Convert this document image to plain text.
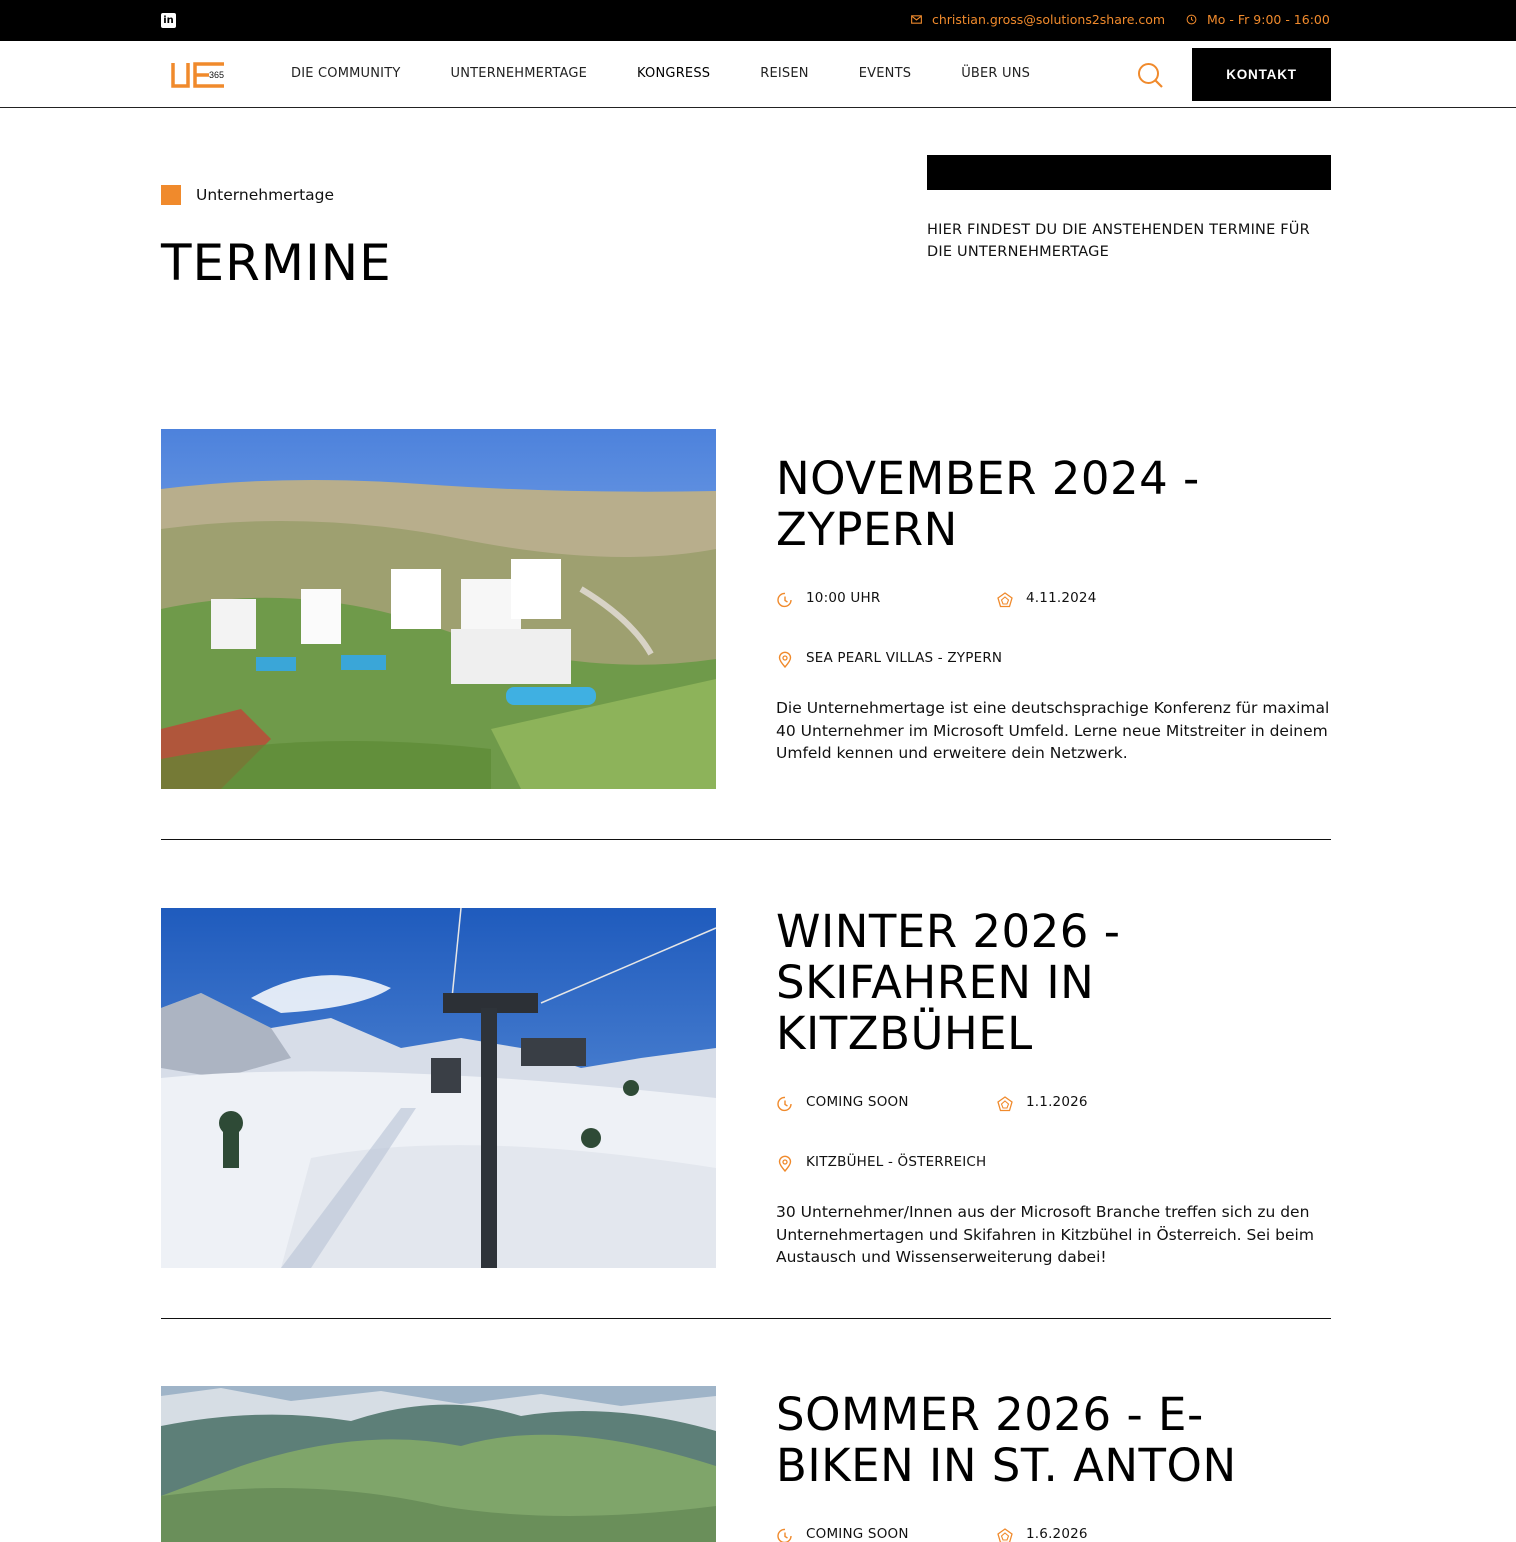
in	christian.gross@solutions2share.com	Mo - Fr 9:00 - 16:00
365	DIE COMMUNITY	UNTERNEHMERTAGE	KONGRESS	REISEN	EVENTS	ÜBER UNS	KONTAKT
Unternehmertage
TERMINE

HIER FINDEST DU DIE ANSTEHENDEN TERMINE FÜR DIE UNTERNEHMERTAGE

NOVEMBER 2024 - ZYPERN
10:00 UHR	4.11.2024
SEA PEARL VILLAS - ZYPERN

Die Unternehmertage ist eine deutschsprachige Konferenz für maximal 40 Unternehmer im Microsoft Umfeld. Lerne neue Mitstreiter in deinem Umfeld kennen und erweitere dein Netzwerk.

WINTER 2026 - SKIFAHREN IN KITZBÜHEL
COMING SOON	1.1.2026
KITZBÜHEL - ÖSTERREICH

30 Unternehmer/Innen aus der Microsoft Branche treffen sich zu den Unternehmertagen und Skifahren in Kitzbühel in Österreich. Sei beim Austausch und Wissenserweiterung dabei!

SOMMER 2026 - E-BIKEN IN ST. ANTON
COMING SOON	1.6.2026
